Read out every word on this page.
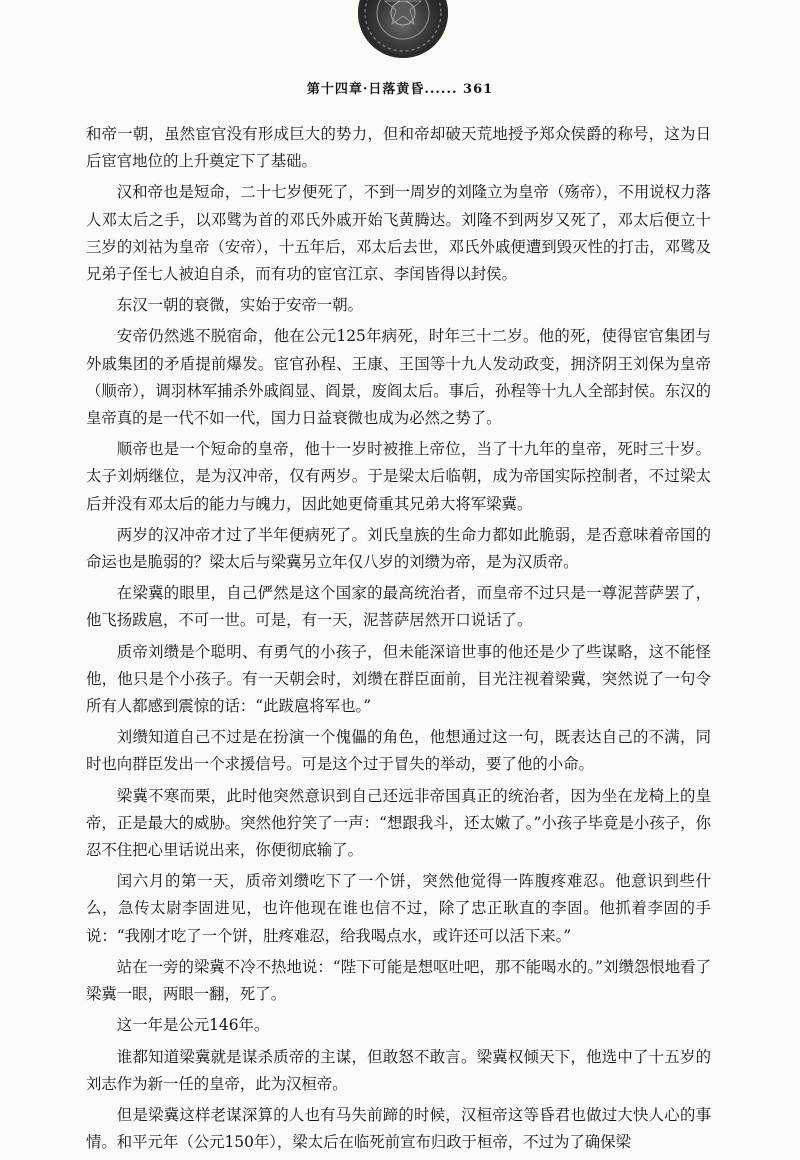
第十四章·日落黄昏...... 361

和帝一朝，虽然宦官没有形成巨大的势力，但和帝却破天荒地授予郑众侯爵的称号，这为日后宦官地位的上升奠定下了基础。

汉和帝也是短命，二十七岁便死了，不到一周岁的刘隆立为皇帝（殇帝），不用说权力落人邓太后之手，以邓骘为首的邓氏外戚开始飞黄腾达。刘隆不到两岁又死了，邓太后便立十三岁的刘祜为皇帝（安帝），十五年后，邓太后去世，邓氏外戚便遭到毁灭性的打击，邓骘及兄弟子侄七人被迫自杀，而有功的宦官江京、李闰皆得以封侯。

东汉一朝的衰微，实始于安帝一朝。

安帝仍然逃不脱宿命，他在公元125年病死，时年三十二岁。他的死，使得宦官集团与外戚集团的矛盾提前爆发。宦官孙程、王康、王国等十九人发动政变，拥济阴王刘保为皇帝（顺帝），调羽林军捕杀外戚阎显、阎景，废阎太后。事后，孙程等十九人全部封侯。东汉的皇帝真的是一代不如一代，国力日益衰微也成为必然之势了。

顺帝也是一个短命的皇帝，他十一岁时被推上帝位，当了十九年的皇帝，死时三十岁。太子刘炳继位，是为汉冲帝，仅有两岁。于是梁太后临朝，成为帝国实际控制者，不过梁太后并没有邓太后的能力与魄力，因此她更倚重其兄弟大将军梁冀。

两岁的汉冲帝才过了半年便病死了。刘氏皇族的生命力都如此脆弱，是否意味着帝国的命运也是脆弱的？梁太后与梁冀另立年仅八岁的刘缵为帝，是为汉质帝。

在梁冀的眼里，自己俨然是这个国家的最高统治者，而皇帝不过只是一尊泥菩萨罢了，他飞扬跋扈，不可一世。可是，有一天，泥菩萨居然开口说话了。

质帝刘缵是个聪明、有勇气的小孩子，但未能深谙世事的他还是少了些谋略，这不能怪他，他只是个小孩子。有一天朝会时，刘缵在群臣面前，目光注视着梁冀，突然说了一句令所有人都感到震惊的话：“此跋扈将军也。”

刘缵知道自己不过是在扮演一个傀儡的角色，他想通过这一句，既表达自己的不满，同时也向群臣发出一个求援信号。可是这个过于冒失的举动，要了他的小命。

梁冀不寒而栗，此时他突然意识到自己还远非帝国真正的统治者，因为坐在龙椅上的皇帝，正是最大的威胁。突然他狞笑了一声：“想跟我斗，还太嫩了。”小孩子毕竟是小孩子，你忍不住把心里话说出来，你便彻底输了。

闰六月的第一天，质帝刘缵吃下了一个饼，突然他觉得一阵腹疼难忍。他意识到些什么，急传太尉李固进见，也许他现在谁也信不过，除了忠正耿直的李固。他抓着李固的手说：“我刚才吃了一个饼，肚疼难忍，给我喝点水，或许还可以活下来。”

站在一旁的梁冀不冷不热地说：“陛下可能是想呕吐吧，那不能喝水的。”刘缵怨恨地看了梁冀一眼，两眼一翻，死了。

这一年是公元146年。

谁都知道梁冀就是谋杀质帝的主谋，但敢怒不敢言。梁冀权倾天下，他选中了十五岁的刘志作为新一任的皇帝，此为汉桓帝。

但是梁冀这样老谋深算的人也有马失前蹄的时候，汉桓帝这等昏君也做过大快人心的事情。和平元年（公元150年），梁太后在临死前宣布归政于桓帝，不过为了确保梁
